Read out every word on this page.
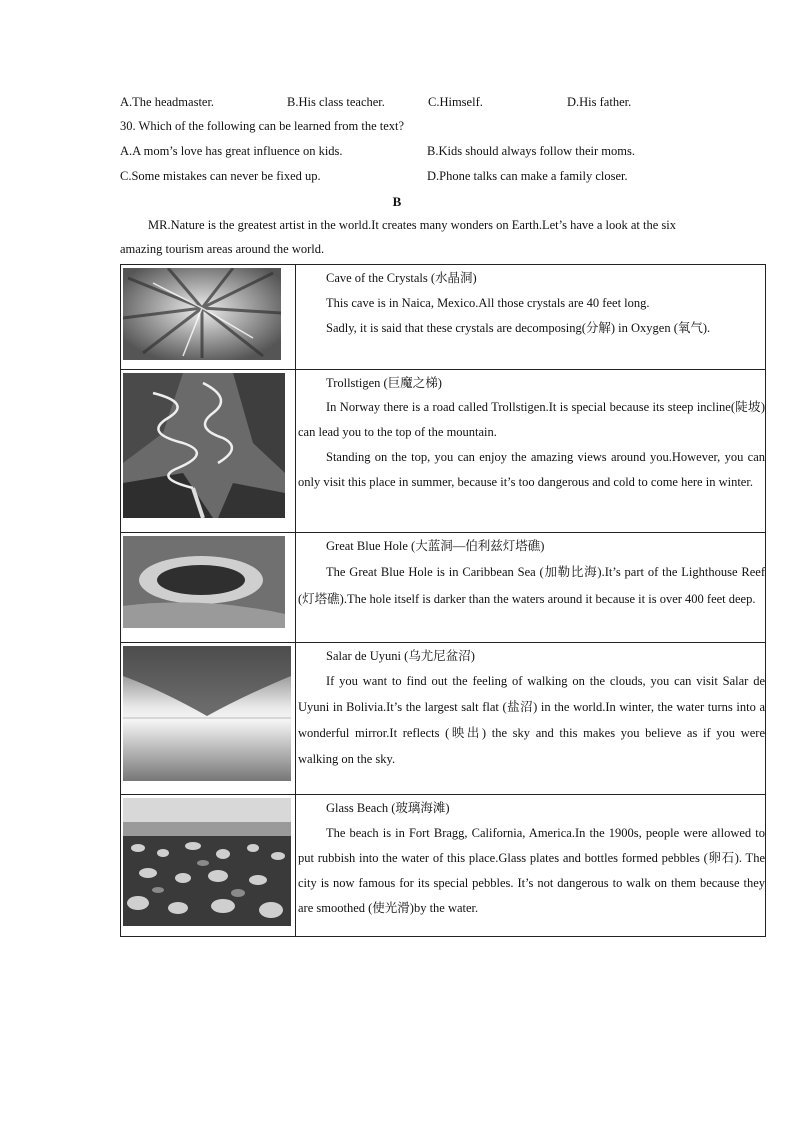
A.The headmaster.	B.His class teacher.	C.Himself.	D.His father.
30. Which of the following can be learned from the text?
A.A mom’s love has great influence on kids.	B.Kids should always follow their moms.
C.Some mistakes can never be fixed up.	D.Phone talks can make a family closer.
B
MR.Nature is the greatest artist in the world.It creates many wonders on Earth.Let’s have a look at the six amazing tourism areas around the world.

Cave of the Crystals (水晶洞)

This cave is in Naica, Mexico.All those crystals are 40 feet long.

Sadly, it is said that these crystals are decomposing(分解) in Oxygen (氧气).

Trollstigen (巨魔之梯)

In Norway there is a road called Trollstigen.It is special because its steep incline(陡坡) can lead you to the top of the mountain.

Standing on the top, you can enjoy the amazing views around you.However, you can only visit this place in summer, because it’s too dangerous and cold to come here in winter.

Great Blue Hole (大蓝洞—伯利兹灯塔礁)

The Great Blue Hole is in Caribbean Sea (加勒比海).It’s part of the Lighthouse Reef (灯塔礁).The hole itself is darker than the waters around it because it is over 400 feet deep.

Salar de Uyuni (乌尤尼盆沼)

If you want to find out the feeling of walking on the clouds, you can visit Salar de Uyuni in Bolivia.It’s the largest salt flat (盐沼) in the world.In winter, the water turns into a wonderful mirror.It reflects (映出) the sky and this makes you believe as if you were walking on the sky.

Glass Beach (玻璃海滩)

The beach is in Fort Bragg, California, America.In the 1900s, people were allowed to put rubbish into the water of this place.Glass plates and bottles formed pebbles (卵石). The city is now famous for its special pebbles. It’s not dangerous to walk on them because they are smoothed (使光滑)by the water.
